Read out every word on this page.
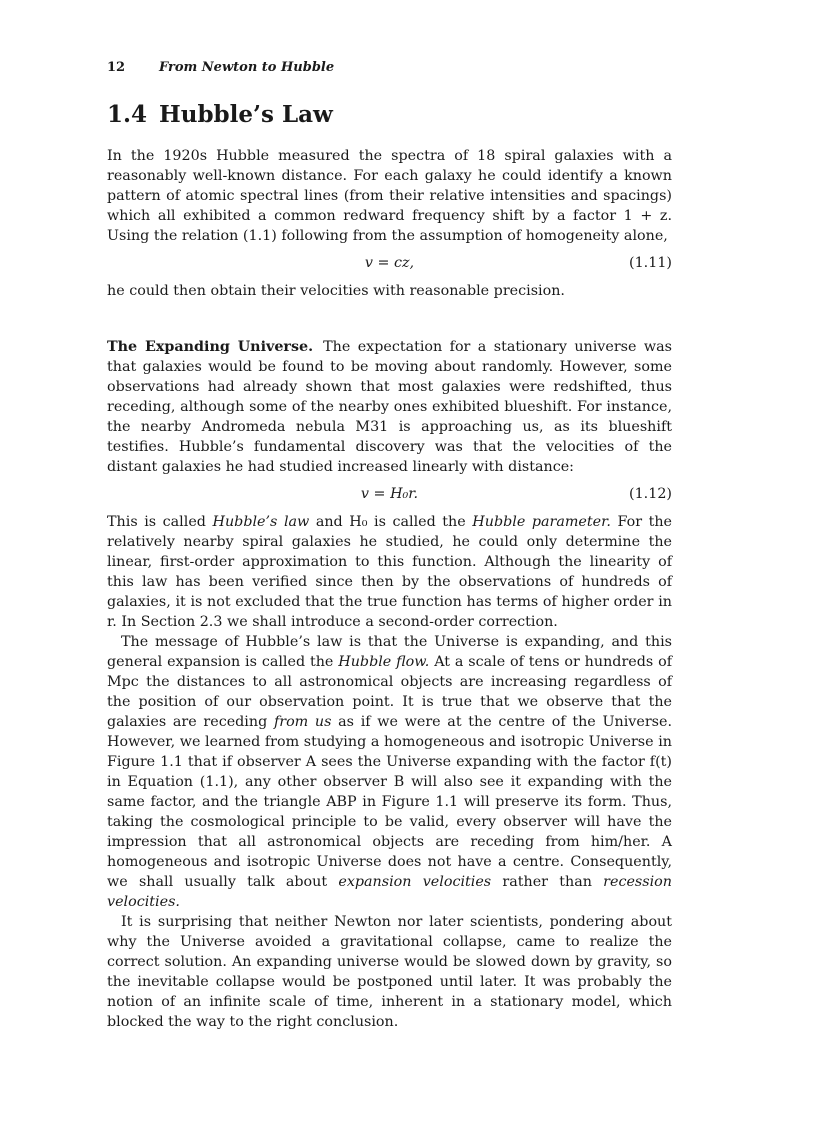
12	From Newton to Hubble
1.4 Hubble’s Law

In the 1920s Hubble measured the spectra of 18 spiral galaxies with a reasonably well-known distance. For each galaxy he could identify a known pattern of atomic spectral lines (from their relative intensities and spacings) which all exhibited a common redward frequency shift by a factor 1 + z. Using the relation (1.1) following from the assumption of homogeneity alone,

v = cz,	(1.11)

he could then obtain their velocities with reasonable precision.

The Expanding Universe. The expectation for a stationary universe was that galaxies would be found to be moving about randomly. However, some observations had already shown that most galaxies were redshifted, thus receding, although some of the nearby ones exhibited blueshift. For instance, the nearby Andromeda nebula M31 is approaching us, as its blueshift testifies. Hubble’s fundamental discovery was that the velocities of the distant galaxies he had studied increased linearly with distance:

v = H₀r.	(1.12)

This is called Hubble’s law and H₀ is called the Hubble parameter. For the relatively nearby spiral galaxies he studied, he could only determine the linear, first-order approximation to this function. Although the linearity of this law has been verified since then by the observations of hundreds of galaxies, it is not excluded that the true function has terms of higher order in r. In Section 2.3 we shall introduce a second-order correction.

The message of Hubble’s law is that the Universe is expanding, and this general expansion is called the Hubble flow. At a scale of tens or hundreds of Mpc the distances to all astronomical objects are increasing regardless of the position of our observation point. It is true that we observe that the galaxies are receding from us as if we were at the centre of the Universe. However, we learned from studying a homogeneous and isotropic Universe in Figure 1.1 that if observer A sees the Universe expanding with the factor f(t) in Equation (1.1), any other observer B will also see it expanding with the same factor, and the triangle ABP in Figure 1.1 will preserve its form. Thus, taking the cosmological principle to be valid, every observer will have the impression that all astronomical objects are receding from him/her. A homogeneous and isotropic Universe does not have a centre. Consequently, we shall usually talk about expansion velocities rather than recession velocities.

It is surprising that neither Newton nor later scientists, pondering about why the Universe avoided a gravitational collapse, came to realize the correct solution. An expanding universe would be slowed down by gravity, so the inevitable collapse would be postponed until later. It was probably the notion of an infinite scale of time, inherent in a stationary model, which blocked the way to the right conclusion.
